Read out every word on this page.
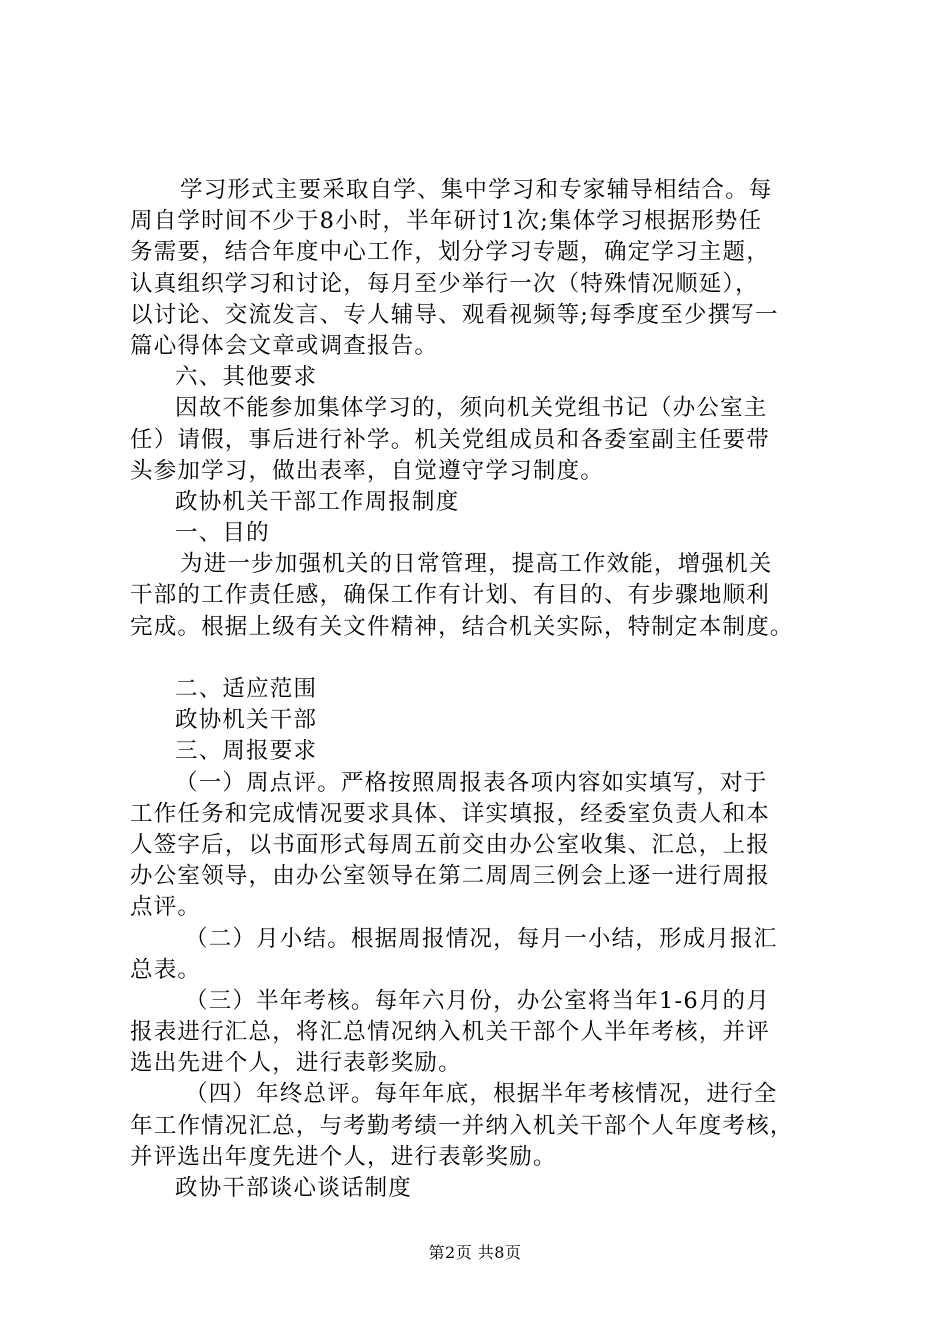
学习形式主要采取自学、集中学习和专家辅导相结合。每
周自学时间不少于8小时，半年研讨1次;集体学习根据形势任
务需要，结合年度中心工作，划分学习专题，确定学习主题，
认真组织学习和讨论，每月至少举行一次（特殊情况顺延），
以讨论、交流发言、专人辅导、观看视频等;每季度至少撰写一
篇心得体会文章或调查报告。
六、其他要求
因故不能参加集体学习的，须向机关党组书记（办公室主
任）请假，事后进行补学。机关党组成员和各委室副主任要带
头参加学习，做出表率，自觉遵守学习制度。
政协机关干部工作周报制度
一、目的
为进一步加强机关的日常管理，提高工作效能，增强机关
干部的工作责任感，确保工作有计划、有目的、有步骤地顺利
完成。根据上级有关文件精神，结合机关实际，特制定本制度。
二、适应范围
政协机关干部
三、周报要求
（一）周点评。严格按照周报表各项内容如实填写，对于
工作任务和完成情况要求具体、详实填报，经委室负责人和本
人签字后，以书面形式每周五前交由办公室收集、汇总，上报
办公室领导，由办公室领导在第二周周三例会上逐一进行周报
点评。
（二）月小结。根据周报情况，每月一小结，形成月报汇
总表。
（三）半年考核。每年六月份，办公室将当年1-6月的月
报表进行汇总，将汇总情况纳入机关干部个人半年考核，并评
选出先进个人，进行表彰奖励。
（四）年终总评。每年年底，根据半年考核情况，进行全
年工作情况汇总，与考勤考绩一并纳入机关干部个人年度考核，
并评选出年度先进个人，进行表彰奖励。
政协干部谈心谈话制度
第2页 共8页
